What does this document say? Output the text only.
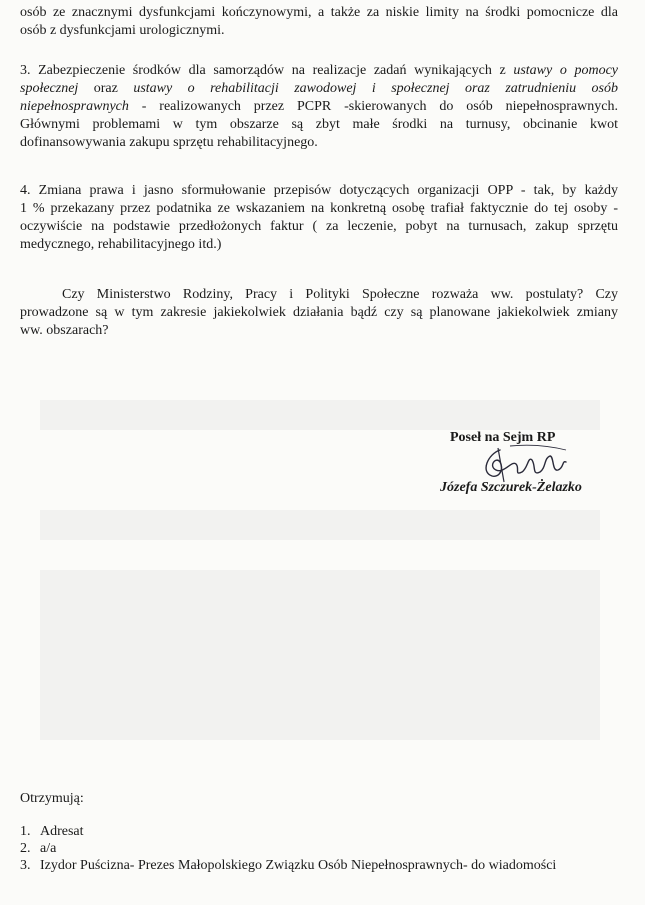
osób ze znacznymi dysfunkcjami kończynowymi, a także za niskie limity na środki pomocnicze dla
osób z dysfunkcjami urologicznymi.
3. Zabezpieczenie środków dla samorządów na realizacje zadań wynikających z ustawy o pomocy
społecznej oraz ustawy o rehabilitacji zawodowej i społecznej oraz zatrudnieniu osób
niepełnosprawnych - realizowanych przez PCPR -skierowanych do osób niepełnosprawnych.
Głównymi problemami w tym obszarze są zbyt małe środki na turnusy, obcinanie kwot
dofinansowywania zakupu sprzętu rehabilitacyjnego.
4. Zmiana prawa i jasno sformułowanie przepisów dotyczących organizacji OPP - tak, by każdy
1 % przekazany przez podatnika ze wskazaniem na konkretną osobę trafiał faktycznie do tej osoby -
oczywiście na podstawie przedłożonych faktur ( za leczenie, pobyt na turnusach, zakup sprzętu
medycznego, rehabilitacyjnego itd.)
Czy Ministerstwo Rodziny, Pracy i Polityki Społeczne rozważa ww. postulaty? Czy
prowadzone są w tym zakresie jakiekolwiek działania bądź czy są planowane jakiekolwiek zmiany
ww. obszarach?
Poseł na Sejm RP
Józefa Szczurek-Żelazko
Otrzymują:
1. Adresat
2. a/a
3. Izydor Puścizna- Prezes Małopolskiego Związku Osób Niepełnosprawnych- do wiadomości
